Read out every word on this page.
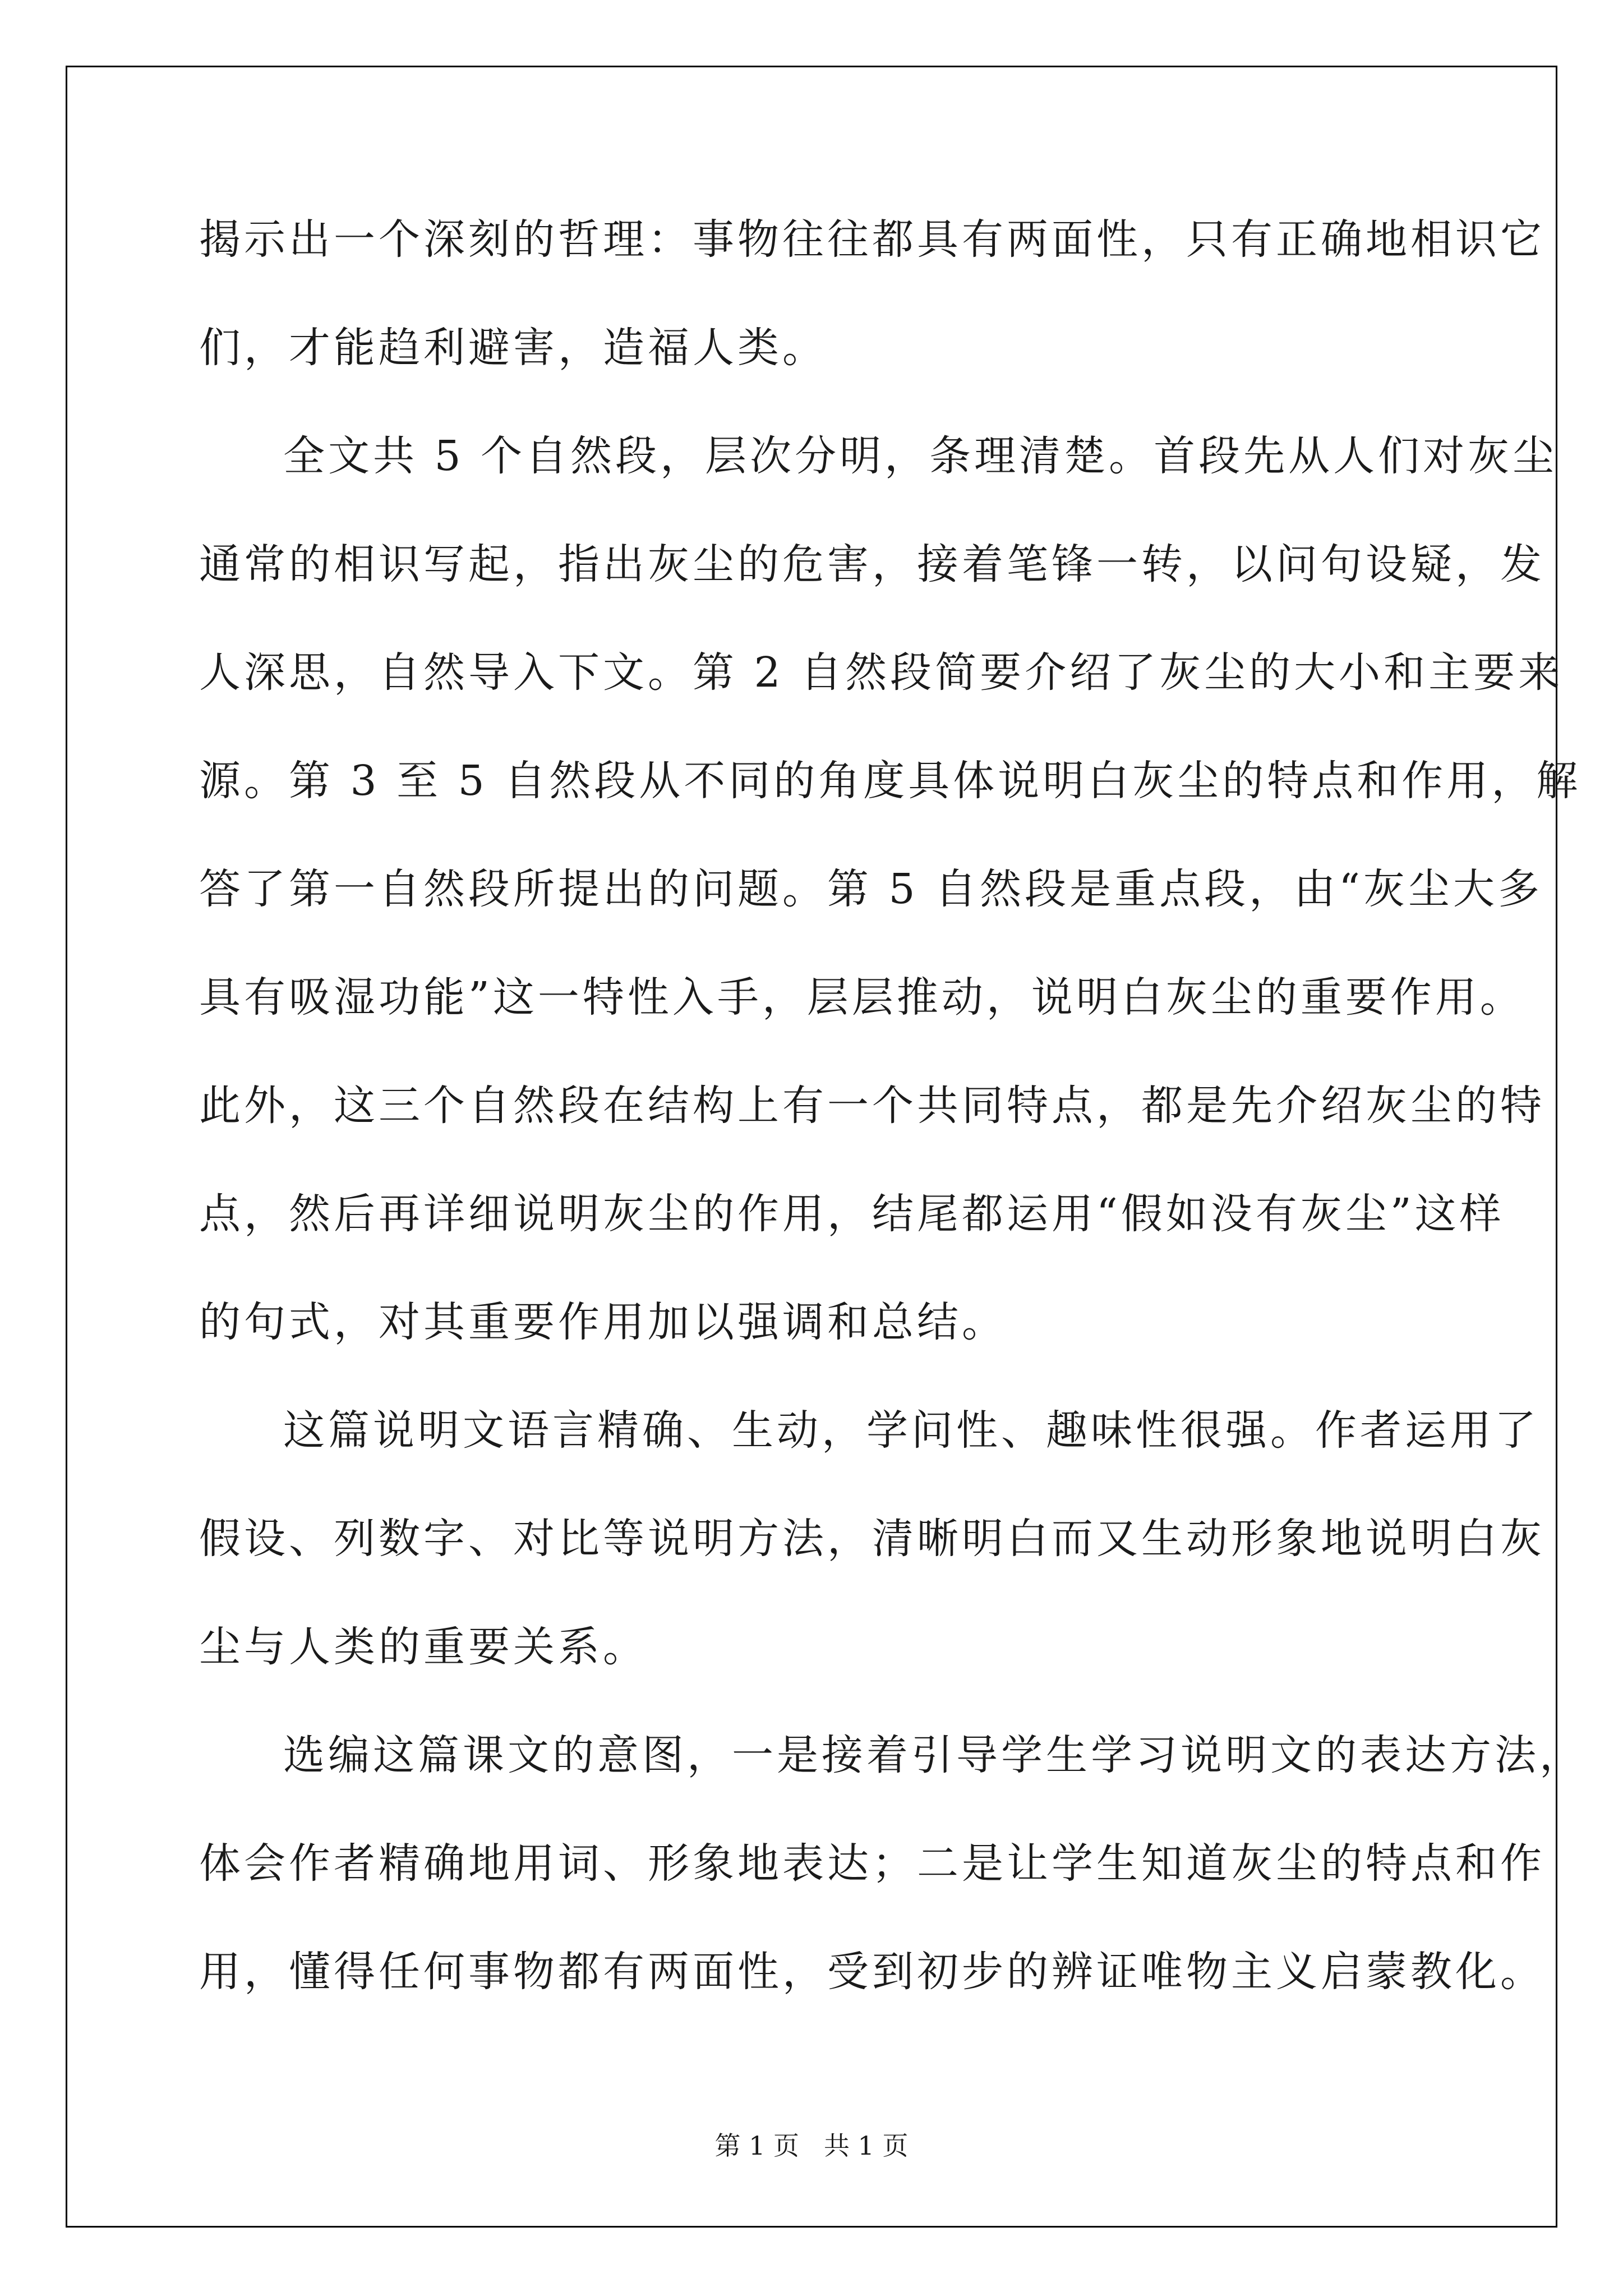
揭示出一个深刻的哲理：事物往往都具有两面性，只有正确地相识它
们，才能趋利避害，造福人类。
全文共 5 个自然段，层次分明，条理清楚。首段先从人们对灰尘
通常的相识写起，指出灰尘的危害，接着笔锋一转，以问句设疑，发
人深思，自然导入下文。第 2 自然段简要介绍了灰尘的大小和主要来
源。第 3 至 5 自然段从不同的角度具体说明白灰尘的特点和作用，解
答了第一自然段所提出的问题。第 5 自然段是重点段，由“灰尘大多
具有吸湿功能”这一特性入手，层层推动，说明白灰尘的重要作用。
此外，这三个自然段在结构上有一个共同特点，都是先介绍灰尘的特
点，然后再详细说明灰尘的作用，结尾都运用“假如没有灰尘”这样
的句式，对其重要作用加以强调和总结。
这篇说明文语言精确、生动，学问性、趣味性很强。作者运用了
假设、列数字、对比等说明方法，清晰明白而又生动形象地说明白灰
尘与人类的重要关系。
选编这篇课文的意图，一是接着引导学生学习说明文的表达方法，
体会作者精确地用词、形象地表达；二是让学生知道灰尘的特点和作
用，懂得任何事物都有两面性，受到初步的辨证唯物主义启蒙教化。
第 1 页 共 1 页
